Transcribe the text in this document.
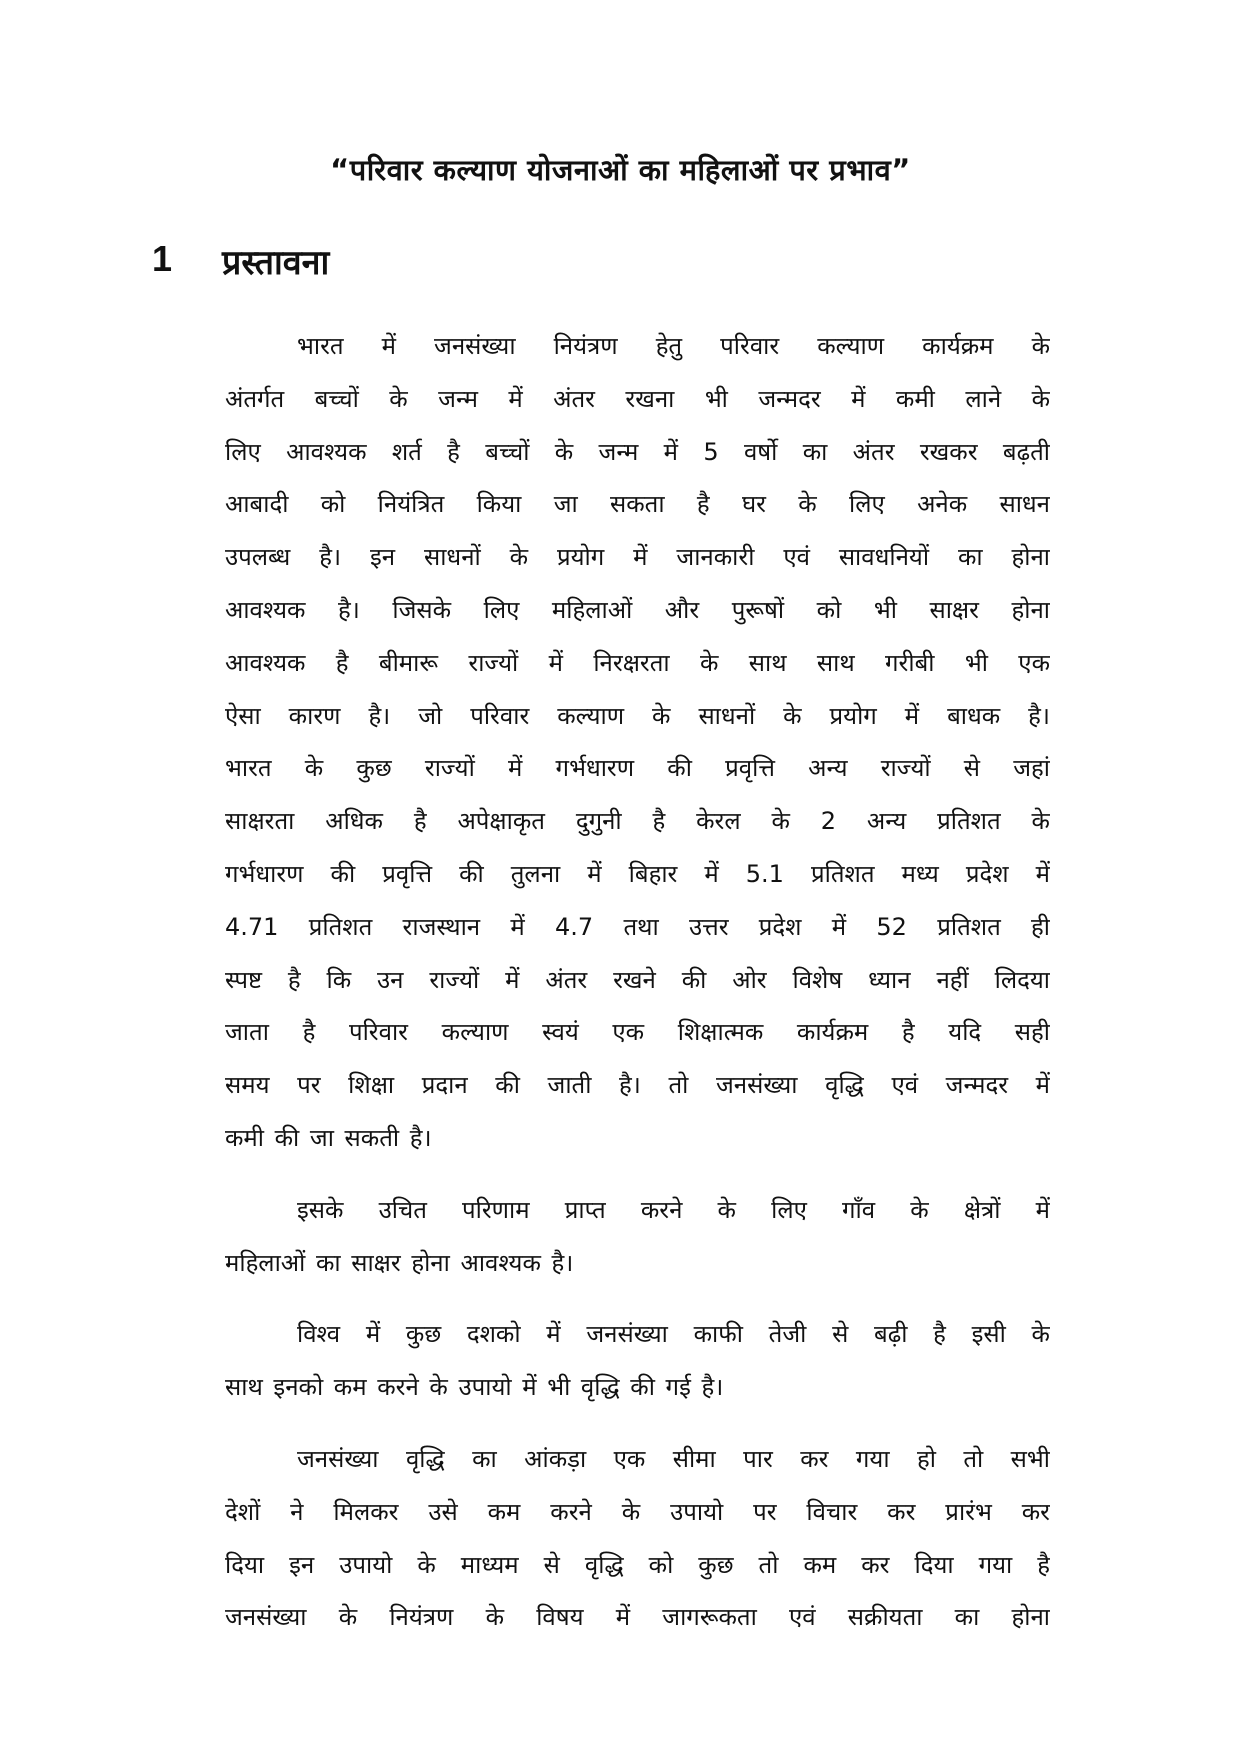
“परिवार कल्याण योजनाओं का महिलाओं पर प्रभाव”
1 प्रस्तावना

भारत में जनसंख्या नियंत्रण हेतु परिवार कल्याण कार्यक्रम के
अंतर्गत बच्चों के जन्म में अंतर रखना भी जन्मदर में कमी लाने के
लिए आवश्यक शर्त है बच्चों के जन्म में 5 वर्षो का अंतर रखकर बढ़ती
आबादी को नियंत्रित किया जा सकता है घर के लिए अनेक साधन
उपलब्ध है। इन साधनों के प्रयोग में जानकारी एवं सावधनियों का होना
आवश्यक है। जिसके लिए महिलाओं और पुरूषों को भी साक्षर होना
आवश्यक है बीमारू राज्यों में निरक्षरता के साथ साथ गरीबी भी एक
ऐसा कारण है। जो परिवार कल्याण के साधनों के प्रयोग में बाधक है।
भारत के कुछ राज्यों में गर्भधारण की प्रवृत्ति अन्य राज्यों से जहां
साक्षरता अधिक है अपेक्षाकृत दुगुनी है केरल के 2 अन्य प्रतिशत के
गर्भधारण की प्रवृत्ति की तुलना में बिहार में 5.1 प्रतिशत मध्य प्रदेश में
4.71 प्रतिशत राजस्थान में 4.7 तथा उत्तर प्रदेश में 52 प्रतिशत ही
स्पष्ट है कि उन राज्यों में अंतर रखने की ओर विशेष ध्यान नहीं लिदया
जाता है परिवार कल्याण स्वयं एक शिक्षात्मक कार्यक्रम है यदि सही
समय पर शिक्षा प्रदान की जाती है। तो जनसंख्या वृद्धि एवं जन्मदर में
कमी की जा सकती है।

इसके उचित परिणाम प्राप्त करने के लिए गाँव के क्षेत्रों में
महिलाओं का साक्षर होना आवश्यक है।

विश्व में कुछ दशको में जनसंख्या काफी तेजी से बढ़ी है इसी के
साथ इनको कम करने के उपायो में भी वृद्धि की गई है।

जनसंख्या वृद्धि का आंकड़ा एक सीमा पार कर गया हो तो सभी
देशों ने मिलकर उसे कम करने के उपायो पर विचार कर प्रारंभ कर
दिया इन उपायो के माध्यम से वृद्धि को कुछ तो कम कर दिया गया है
जनसंख्या के नियंत्रण के विषय में जागरूकता एवं सक्रीयता का होना
